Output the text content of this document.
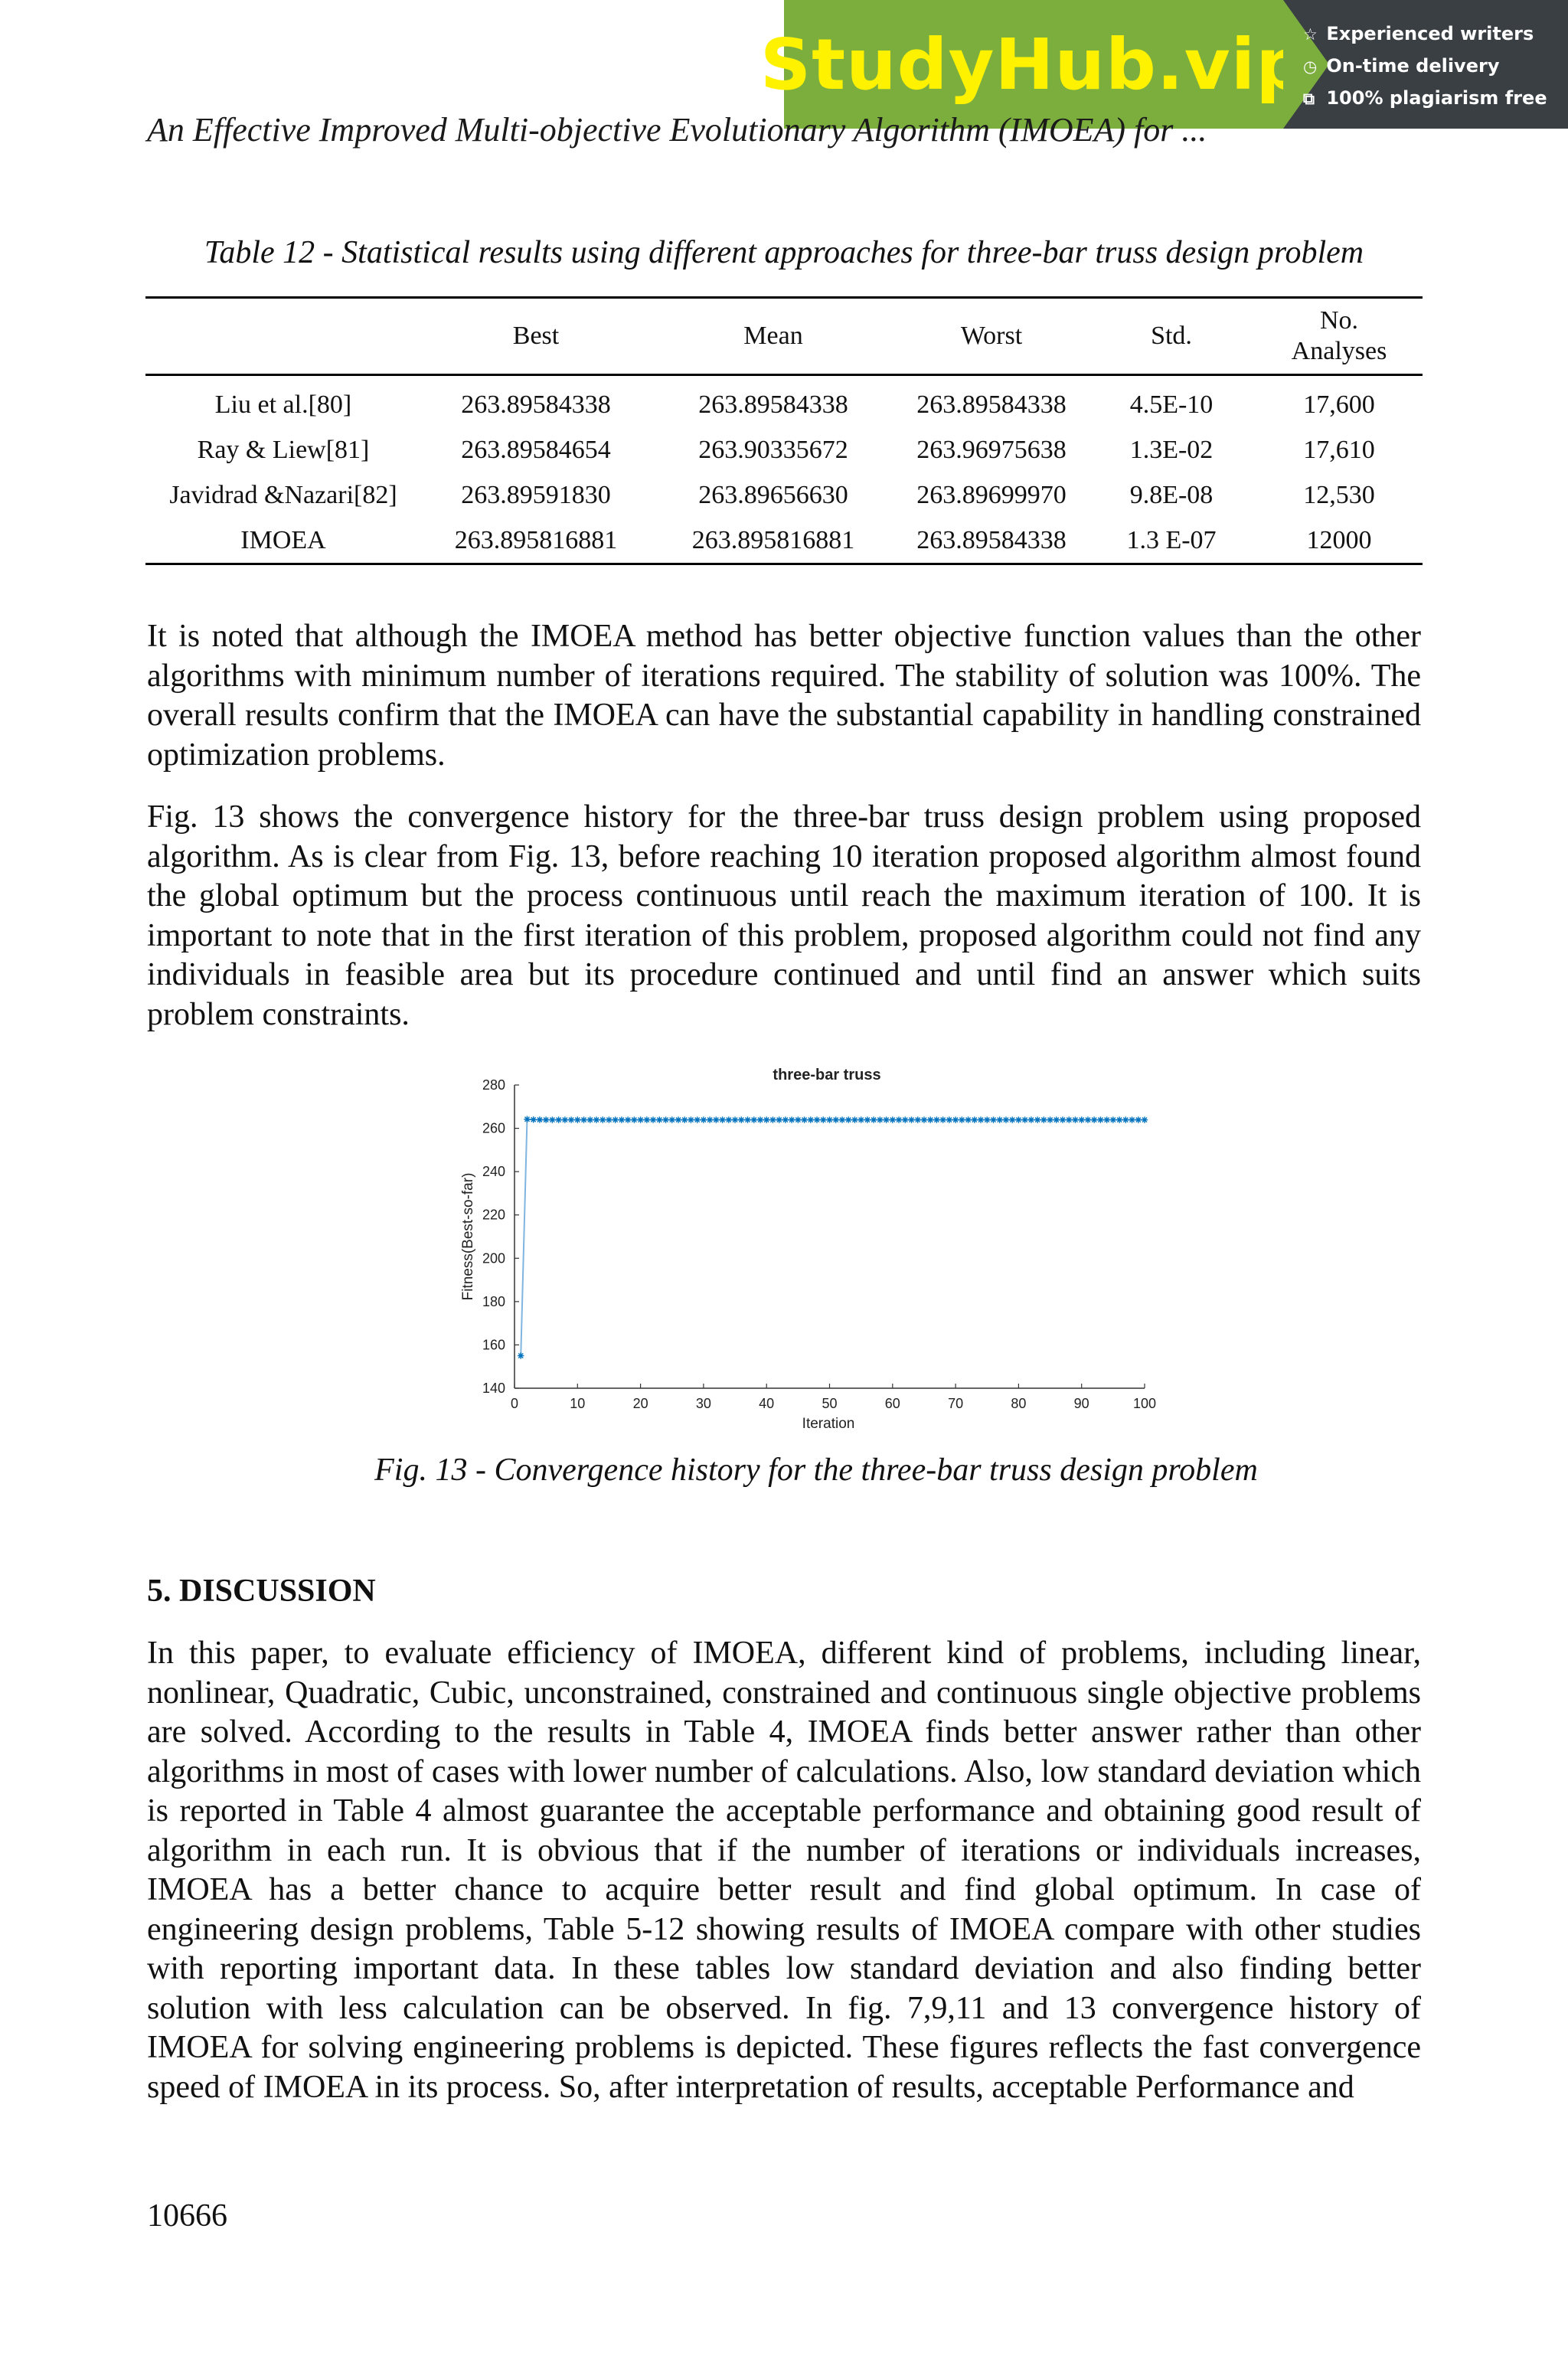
StudyHub.vip
☆ Experienced writers
◷ On-time delivery
⧉ 100% plagiarism free
An Effective Improved Multi-objective Evolutionary Algorithm (IMOEA) for ...
Table 12 - Statistical results using different approaches for three-bar truss design problem
	Best	Mean	Worst	Std.	No. Analyses
Liu et al.[80]	263.89584338	263.89584338	263.89584338	4.5E-10	17,600
Ray & Liew[81]	263.89584654	263.90335672	263.96975638	1.3E-02	17,610
Javidrad &Nazari[82]	263.89591830	263.89656630	263.89699970	9.8E-08	12,530
IMOEA	263.895816881	263.895816881	263.89584338	1.3 E-07	12000

It is noted that although the IMOEA method has better objective function values than the other algorithms with minimum number of iterations required. The stability of solution was 100%. The overall results confirm that the IMOEA can have the substantial capability in handling constrained optimization problems.

Fig. 13 shows the convergence history for the three-bar truss design problem using proposed algorithm. As is clear from Fig. 13, before reaching 10 iteration proposed algorithm almost found the global optimum but the process continuous until reach the maximum iteration of 100. It is important to note that in the first iteration of this problem, proposed algorithm could not find any individuals in feasible area but its procedure continued and until find an answer which suits problem constraints.

three-bar truss
Fitness(Best-so-far)
Iteration
0	10	20	30	40	50	60	70	80	90	100
140
160
180
200
220
240
260
280
Fig. 13 - Convergence history for the three-bar truss design problem
5. DISCUSSION

In this paper, to evaluate efficiency of IMOEA, different kind of problems, including linear, nonlinear, Quadratic, Cubic, unconstrained, constrained and continuous single objective problems are solved. According to the results in Table 4, IMOEA finds better answer rather than other algorithms in most of cases with lower number of calculations. Also, low standard deviation which is reported in Table 4 almost guarantee the acceptable performance and obtaining good result of algorithm in each run. It is obvious that if the number of iterations or individuals increases, IMOEA has a better chance to acquire better result and find global optimum. In case of engineering design problems, Table 5-12 showing results of IMOEA compare with other studies with reporting important data. In these tables low standard deviation and also finding better solution with less calculation can be observed. In fig. 7,9,11 and 13 convergence history of IMOEA for solving engineering problems is depicted. These figures reflects the fast convergence speed of IMOEA in its process. So, after interpretation of results, acceptable Performance and

10666
